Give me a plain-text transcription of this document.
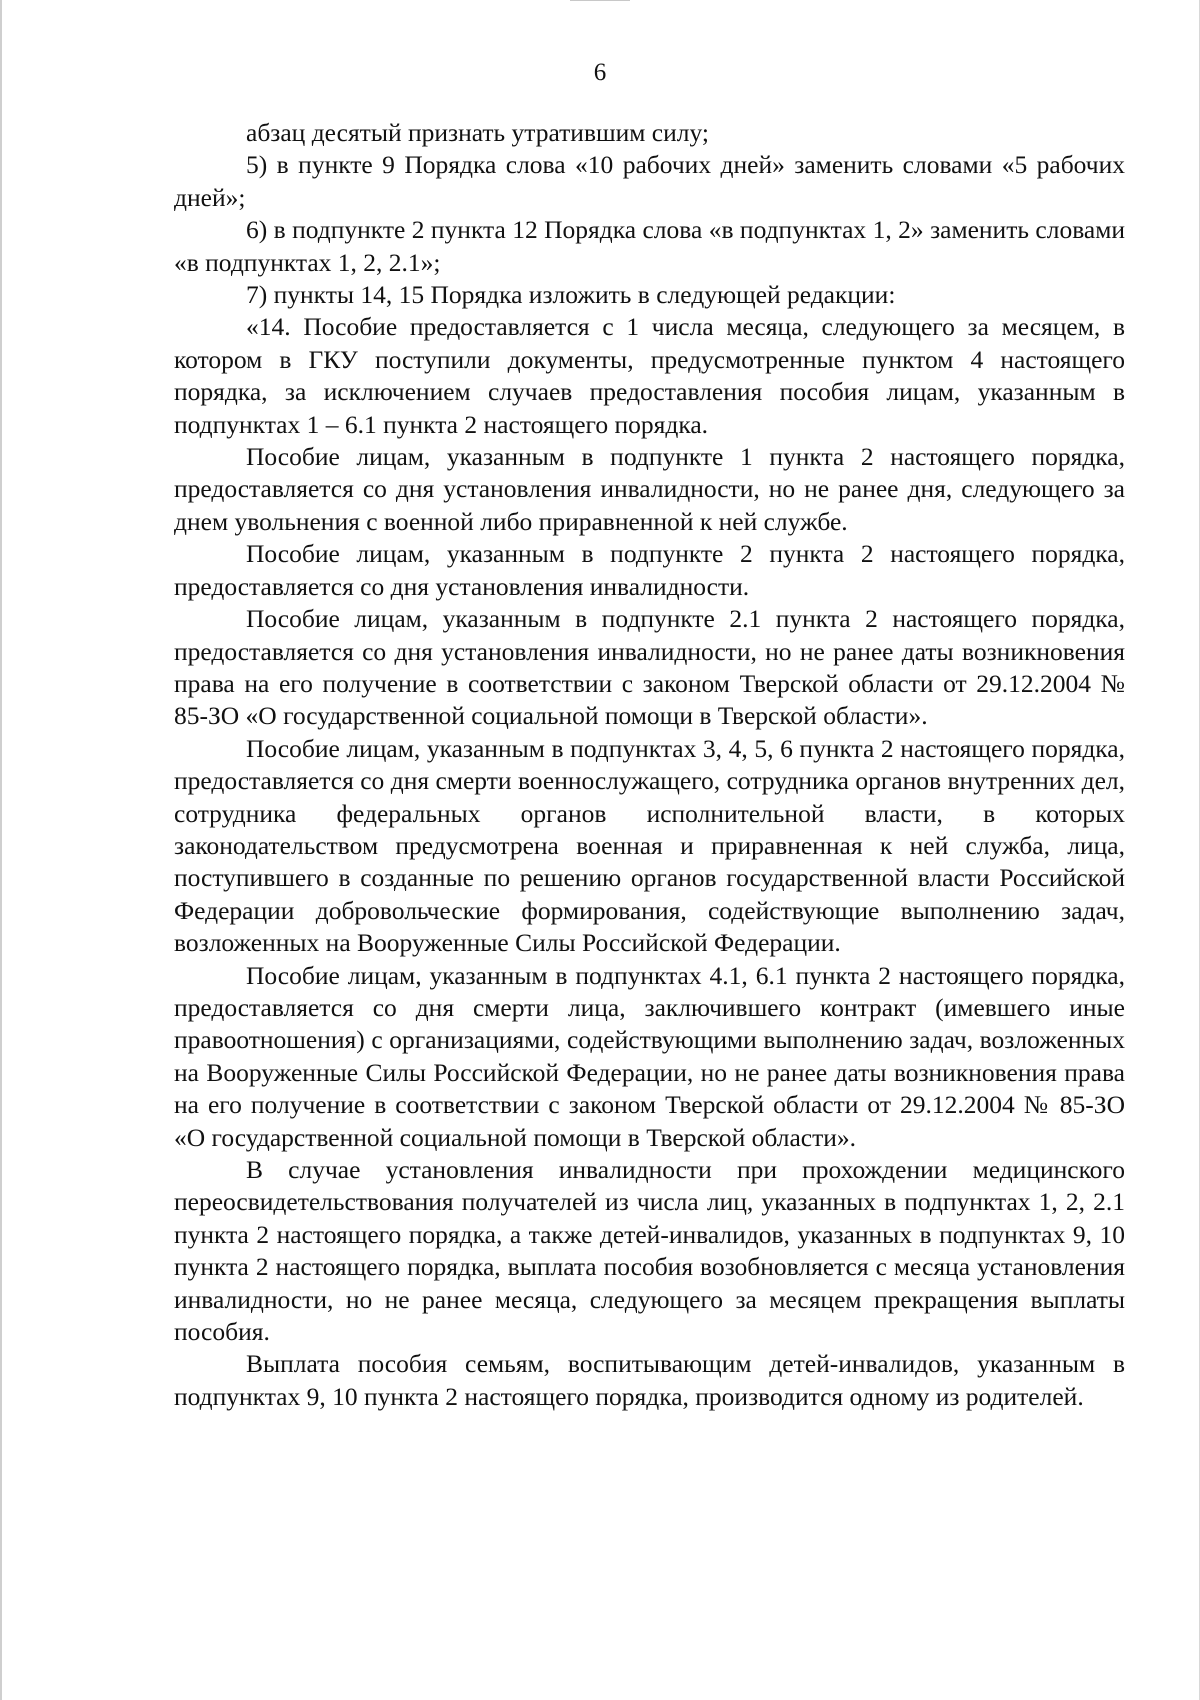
6

абзац десятый признать утратившим силу;

5) в пункте 9 Порядка слова «10 рабочих дней» заменить словами «5 рабочих дней»;

6) в подпункте 2 пункта 12 Порядка слова «в подпунктах 1, 2» заменить словами «в подпунктах 1, 2, 2.1»;

7) пункты 14, 15 Порядка изложить в следующей редакции:

«14. Пособие предоставляется с 1 числа месяца, следующего за месяцем, в котором в ГКУ поступили документы, предусмотренные пунктом 4 настоящего порядка, за исключением случаев предоставления пособия лицам, указанным в подпунктах 1 – 6.1 пункта 2 настоящего порядка.

Пособие лицам, указанным в подпункте 1 пункта 2 настоящего порядка, предоставляется со дня установления инвалидности, но не ранее дня, следующего за днем увольнения с военной либо приравненной к ней службе.

Пособие лицам, указанным в подпункте 2 пункта 2 настоящего порядка, предоставляется со дня установления инвалидности.

Пособие лицам, указанным в подпункте 2.1 пункта 2 настоящего порядка, предоставляется со дня установления инвалидности, но не ранее даты возникновения права на его получение в соответствии с законом Тверской области от 29.12.2004 № 85-ЗО «О государственной социальной помощи в Тверской области».

Пособие лицам, указанным в подпунктах 3, 4, 5, 6 пункта 2 настоящего порядка, предоставляется со дня смерти военнослужащего, сотрудника органов внутренних дел, сотрудника федеральных органов исполнительной власти, в которых законодательством предусмотрена военная и приравненная к ней служба, лица, поступившего в созданные по решению органов государственной власти Российской Федерации добровольческие формирования, содействующие выполнению задач, возложенных на Вооруженные Силы Российской Федерации.

Пособие лицам, указанным в подпунктах 4.1, 6.1 пункта 2 настоящего порядка, предоставляется со дня смерти лица, заключившего контракт (имевшего иные правоотношения) с организациями, содействующими выполнению задач, возложенных на Вооруженные Силы Российской Федерации, но не ранее даты возникновения права на его получение в соответствии с законом Тверской области от 29.12.2004 № 85-ЗО «О государственной социальной помощи в Тверской области».

В случае установления инвалидности при прохождении медицинского переосвидетельствования получателей из числа лиц, указанных в подпунктах 1, 2, 2.1 пункта 2 настоящего порядка, а также детей-инвалидов, указанных в подпунктах 9, 10 пункта 2 настоящего порядка, выплата пособия возобновляется с месяца установления инвалидности, но не ранее месяца, следующего за месяцем прекращения выплаты пособия.

Выплата пособия семьям, воспитывающим детей-инвалидов, указанным в подпунктах 9, 10 пункта 2 настоящего порядка, производится одному из родителей.
